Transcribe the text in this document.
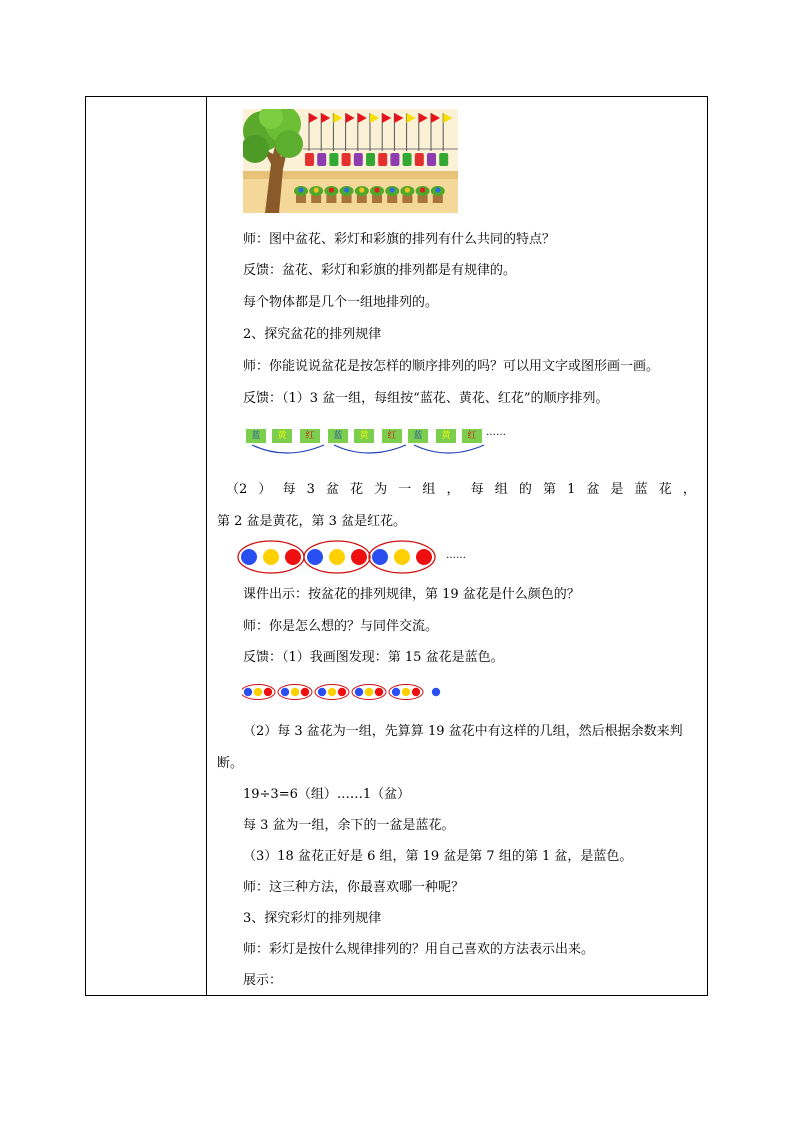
师：图中盆花、彩灯和彩旗的排列有什么共同的特点？
反馈：盆花、彩灯和彩旗的排列都是有规律的。
每个物体都是几个一组地排列的。
2、探究盆花的排列规律
师：你能说说盆花是按怎样的顺序排列的吗？可以用文字或图形画一画。
反馈：（1）3 盆一组，每组按“蓝花、黄花、红花”的顺序排列。
蓝	黄	红	蓝	黄	红	蓝	黄	红 ……
（2 ） 每 3 盆 花 为 一 组 ， 每 组 的 第 1 盆 是 蓝 花 ，
第 2 盆是黄花，第 3 盆是红花。
……
课件出示：按盆花的排列规律，第 19 盆花是什么颜色的？
师：你是怎么想的？与同伴交流。
反馈：（1）我画图发现：第 15 盆花是蓝色。
（2）每 3 盆花为一组，先算算 19 盆花中有这样的几组，然后根据余数来判
断。
19÷3=6（组）……1（盆）
每 3 盆为一组，余下的一盆是蓝花。
（3）18 盆花正好是 6 组，第 19 盆是第 7 组的第 1 盆，是蓝色。
师：这三种方法，你最喜欢哪一种呢？
3、探究彩灯的排列规律
师：彩灯是按什么规律排列的？用自己喜欢的方法表示出来。
展示：
